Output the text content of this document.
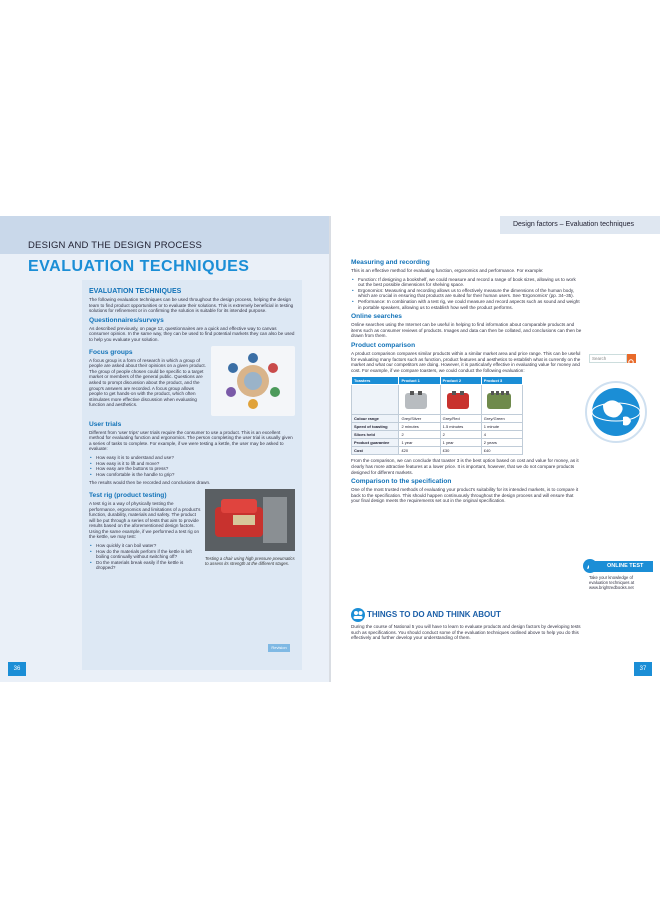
DESIGN AND THE DESIGN PROCESS
EVALUATION TECHNIQUES
EVALUATION TECHNIQUES
The following evaluation techniques can be used throughout the design process, helping the design team to find product opportunities or to evaluate their solutions. This is extremely beneficial in testing solutions for refinement or in confirming the solution is suitable for its intended purpose.
Questionnaires/surveys
As described previously, on page 12, questionnaires are a quick and effective way to canvas consumer opinion. In the same way, they can be used to find potential markets they can also be used to help you evaluate your solution.
Focus groups
A focus group is a form of research in which a group of people are asked about their opinions on a given product. The group of people chosen could be specific to a target market or members of the general public. Questions are asked to prompt discussion about the product, and the group's answers are recorded. A focus group allows people to get hands-on with the product, which often stimulates more effective discussion when evaluating function and aesthetics.
User trials
Different from 'user trips' user trials require the consumer to use a product. This is an excellent method for evaluating function and ergonomics. The person completing the user trial is usually given a series of tasks to complete. For example, if we were testing a kettle, the user may be asked to evaluate:
• How easy it is to understand and use?
• How easy is it to lift and move?
• How easy are the buttons to press?
• How comfortable is the handle to grip?
The results would then be recorded and conclusions drawn.
Testing a chair using high pressure pneumatics to assess its strength at the different stages.
Test rig (product testing)
A test rig is a way of physically testing the performance, ergonomics and limitations of a product's function, durability, materials and safety. The product will be put through a series of tests that aim to provide results based on the aforementioned design factors. Using the same example, if we performed a test rig on the kettle, we may test:
• How quickly it can boil water?
• How do the materials perform if the kettle is left boiling continually without switching off?
• Do the materials break easily if the kettle is dropped?
Revision
36
Design factors – Evaluation techniques
Measuring and recording
This is an effective method for evaluating function, ergonomics and performance. For example:
• Function: If designing a bookshelf, we could measure and record a range of book sizes, allowing us to work out the best possible dimensions for shelving space.
• Ergonomics: Measuring and recording allows us to effectively measure the dimensions of the human body, which are crucial in ensuring that products are suited for their human users. See 'Ergonomics' (pp. 34–35).
• Performance: In combination with a test rig, we could measure and record aspects such as sound and weight in portable speakers, allowing us to establish how well the product performs.
Online searches
Online searches using the Internet can be useful in helping to find information about comparable products and items such as consumer reviews of products. Images and data can then be collated, and conclusions can then be drawn from them.
Product comparison
A product comparison compares similar products within a similar market area and price range. This can be useful for evaluating many factors such as function, product features and aesthetics to establish what is currently on the market and what our competitors are doing. However, it is particularly effective in evaluating value for money and cost. For example, if we compare toasters, we could conduct the following evaluation:
Toasters	Product 1	Product 2	Product 3

Colour range	Grey/Silver	Grey/Red	Grey/Green
Speed of toasting	2 minutes	1.5 minutes	1 minute
Slices held	2	2	4
Product guarantee	1 year	1 year	2 years
Cost	£20	£30	£40
From the comparison, we can conclude that toaster 3 is the best option based on cost and value for money, as it clearly has more attractive features at a lower price. It is important, however, that we do not compare products designed for different markets.
Comparison to the specification
One of the most trusted methods of evaluating your product's suitability for its intended markets, is to compare it back to the specification. This should happen continuously throughout the design process and will ensure that your final design meets the requirements set out in the original specification.
THINGS TO DO AND THINK ABOUT
During the course of National 5 you will have to learn to evaluate products and design factors by developing tests such as specifications. You should conduct some of the evaluation techniques outlined above to help you do this effectively and further develop your understanding of them.
Search
ONLINE TEST
Take your knowledge of evaluation techniques at www.brightredbooks.net
37
